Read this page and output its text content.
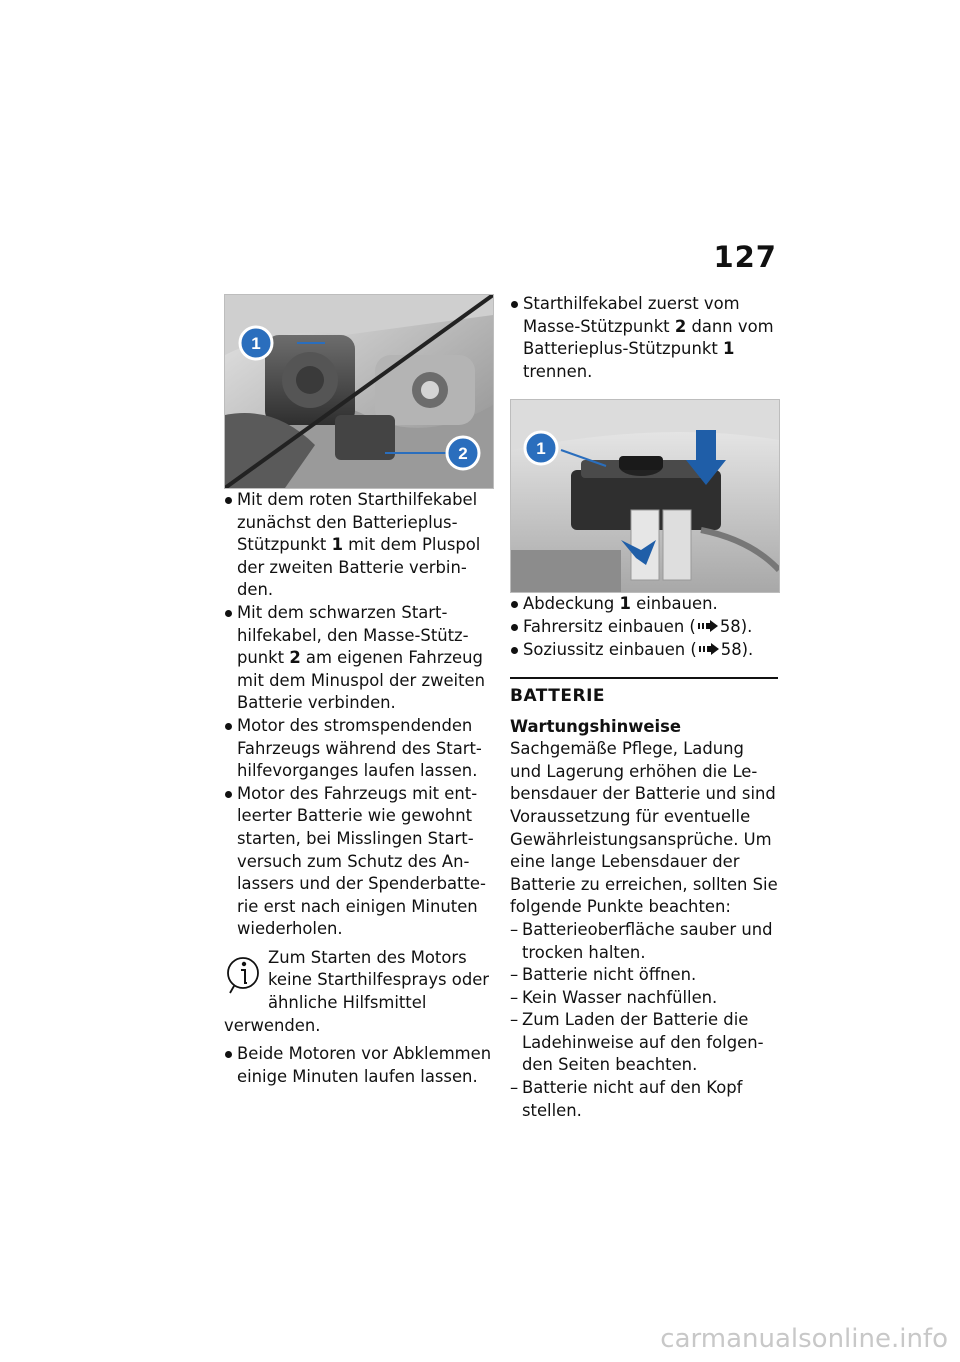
127
1
2
Mit dem roten Starthilfekabel zunächst den Batterieplus-Stützpunkt 1 mit dem Pluspol der zweiten Batterie verbinden.
Mit dem schwarzen Starthilfekabel, den Masse-Stützpunkt 2 am eigenen Fahrzeug mit dem Minuspol der zweiten Batterie verbinden.
Motor des stromspendenden Fahrzeugs während des Starthilfevorganges laufen lassen.
Motor des Fahrzeugs mit entleerter Batterie wie gewohnt starten, bei Misslingen Startversuch zum Schutz des Anlassers und der Spenderbatterie erst nach einigen Minuten wiederholen.
Zum Starten des Motors keine Starthilfesprays oder ähnliche Hilfsmittel verwenden.
Beide Motoren vor Abklemmen einige Minuten laufen lassen.
Starthilfekabel zuerst vom Masse-Stützpunkt 2 dann vom Batterieplus-Stützpunkt 1 trennen.
1
Abdeckung 1 einbauen.
Fahrersitz einbauen ( 58).
Soziussitz einbauen ( 58).
BATTERIE
Wartungshinweise

Sachgemäße Pflege, Ladung und Lagerung erhöhen die Lebensdauer der Batterie und sind Voraussetzung für eventuelle Gewährleistungsansprüche. Um eine lange Lebensdauer der Batterie zu erreichen, sollten Sie folgende Punkte beachten:

– Batterieoberfläche sauber und trocken halten.
– Batterie nicht öffnen.
– Kein Wasser nachfüllen.
– Zum Laden der Batterie die Ladehinweise auf den folgenden Seiten beachten.
– Batterie nicht auf den Kopf stellen.
carmanualsonline.info
